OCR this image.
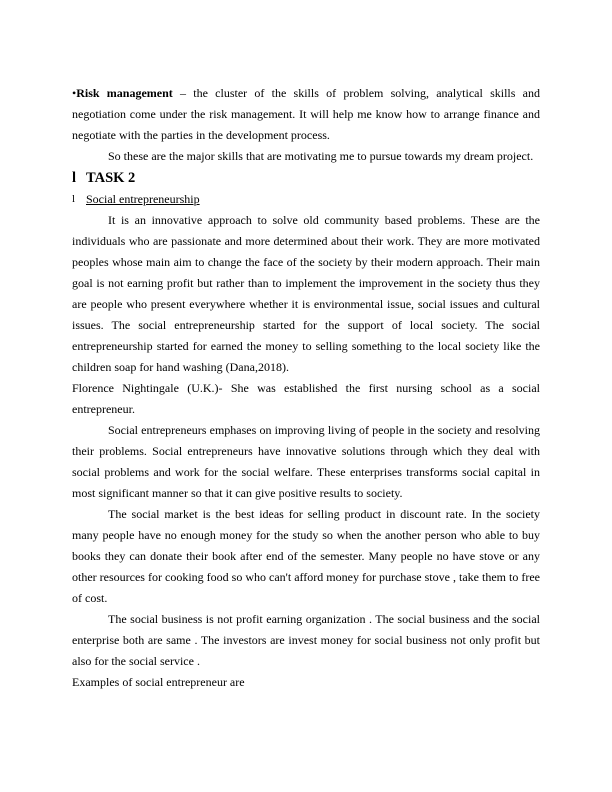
•Risk management – the cluster of the skills of problem solving, analytical skills and negotiation come under the risk management. It will help me know how to arrange finance and negotiate with the parties in the development process.

So these are the major skills that are motivating me to pursue towards my dream project.

l TASK 2
l Social entrepreneurship

It is an innovative approach to solve old community based problems. These are the individuals who are passionate and more determined about their work. They are more motivated peoples whose main aim to change the face of the society by their modern approach. Their main goal is not earning profit but rather than to implement the improvement in the society thus they are people who present everywhere whether it is environmental issue, social issues and cultural issues. The social entrepreneurship started for the support of local society. The social entrepreneurship started for earned the money to selling something to the local society like the children soap for hand washing (Dana,2018).

Florence Nightingale (U.K.)- She was established the first nursing school as a social entrepreneur.

Social entrepreneurs emphases on improving living of people in the society and resolving their problems. Social entrepreneurs have innovative solutions through which they deal with social problems and work for the social welfare. These enterprises transforms social capital in most significant manner so that it can give positive results to society.

The social market is the best ideas for selling product in discount rate. In the society many people have no enough money for the study so when the another person who able to buy books they can donate their book after end of the semester. Many people no have stove or any other resources for cooking food so who can't afford money for purchase stove , take them to free of cost.

The social business is not profit earning organization . The social business and the social enterprise both are same . The investors are invest money for social business not only profit but also for the social service .

Examples of social entrepreneur are
